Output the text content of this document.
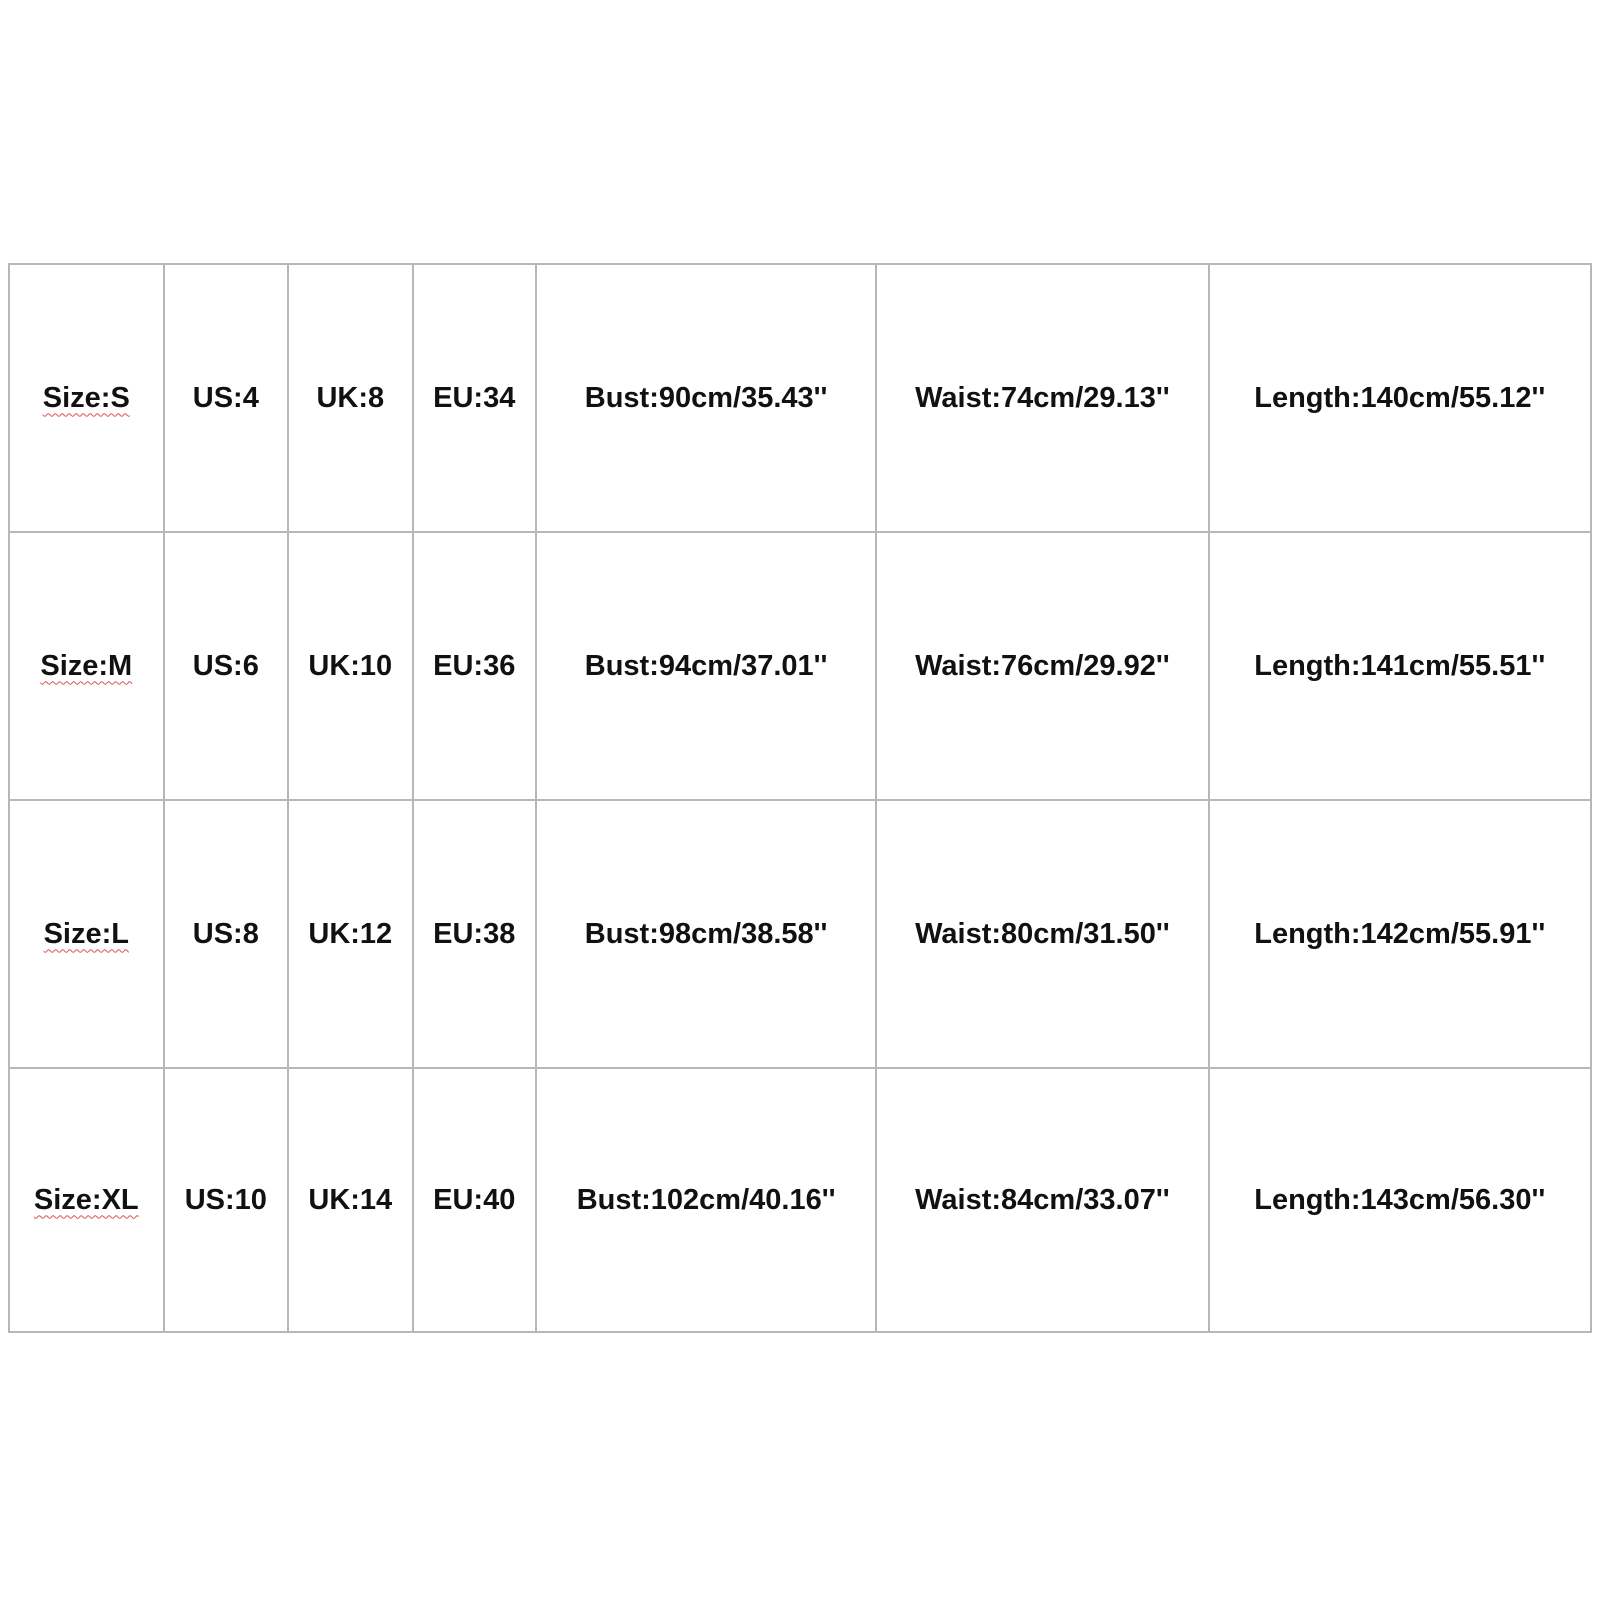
Size:S	US:4	UK:8	EU:34	Bust:90cm/35.43''	Waist:74cm/29.13''	Length:140cm/55.12''
Size:M	US:6	UK:10	EU:36	Bust:94cm/37.01''	Waist:76cm/29.92''	Length:141cm/55.51''
Size:L	US:8	UK:12	EU:38	Bust:98cm/38.58''	Waist:80cm/31.50''	Length:142cm/55.91''
Size:XL	US:10	UK:14	EU:40	Bust:102cm/40.16''	Waist:84cm/33.07''	Length:143cm/56.30''
